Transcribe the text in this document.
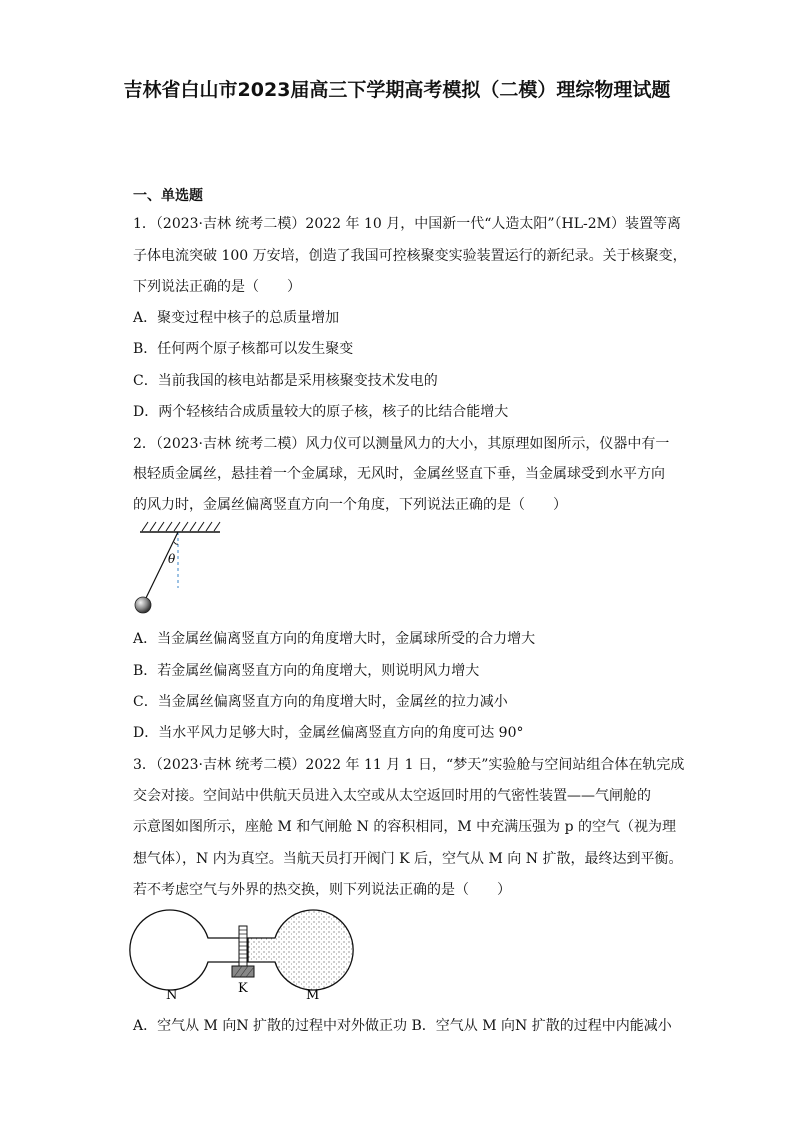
吉林省白山市2023届高三下学期高考模拟（二模）理综物理试题
一、单选题
1．（2023·吉林 统考二模）2022 年 10 月，中国新一代“人造太阳”（HL-2M）装置等离
子体电流突破 100 万安培，创造了我国可控核聚变实验装置运行的新纪录。关于核聚变，
下列说法正确的是（　　）
A．聚变过程中核子的总质量增加
B．任何两个原子核都可以发生聚变
C．当前我国的核电站都是采用核聚变技术发电的
D．两个轻核结合成质量较大的原子核，核子的比结合能增大
2．（2023·吉林 统考二模）风力仪可以测量风力的大小，其原理如图所示，仪器中有一
根轻质金属丝，悬挂着一个金属球，无风时，金属丝竖直下垂，当金属球受到水平方向
的风力时，金属丝偏离竖直方向一个角度，下列说法正确的是（　　）
θ
A．当金属丝偏离竖直方向的角度增大时，金属球所受的合力增大
B．若金属丝偏离竖直方向的角度增大，则说明风力增大
C．当金属丝偏离竖直方向的角度增大时，金属丝的拉力减小
D．当水平风力足够大时，金属丝偏离竖直方向的角度可达 90°
3．（2023·吉林 统考二模）2022 年 11 月 1 日，“梦天”实验舱与空间站组合体在轨完成
交会对接。空间站中供航天员进入太空或从太空返回时用的气密性装置——气闸舱的
示意图如图所示，座舱 M 和气闸舱 N 的容积相同，M 中充满压强为 p 的空气（视为理
想气体），N 内为真空。当航天员打开阀门 K 后，空气从 M 向 N 扩散，最终达到平衡。
若不考虑空气与外界的热交换，则下列说法正确的是（　　）
N	K	M
A．空气从 M 向N 扩散的过程中对外做正功 B．空气从 M 向N 扩散的过程中内能减小
